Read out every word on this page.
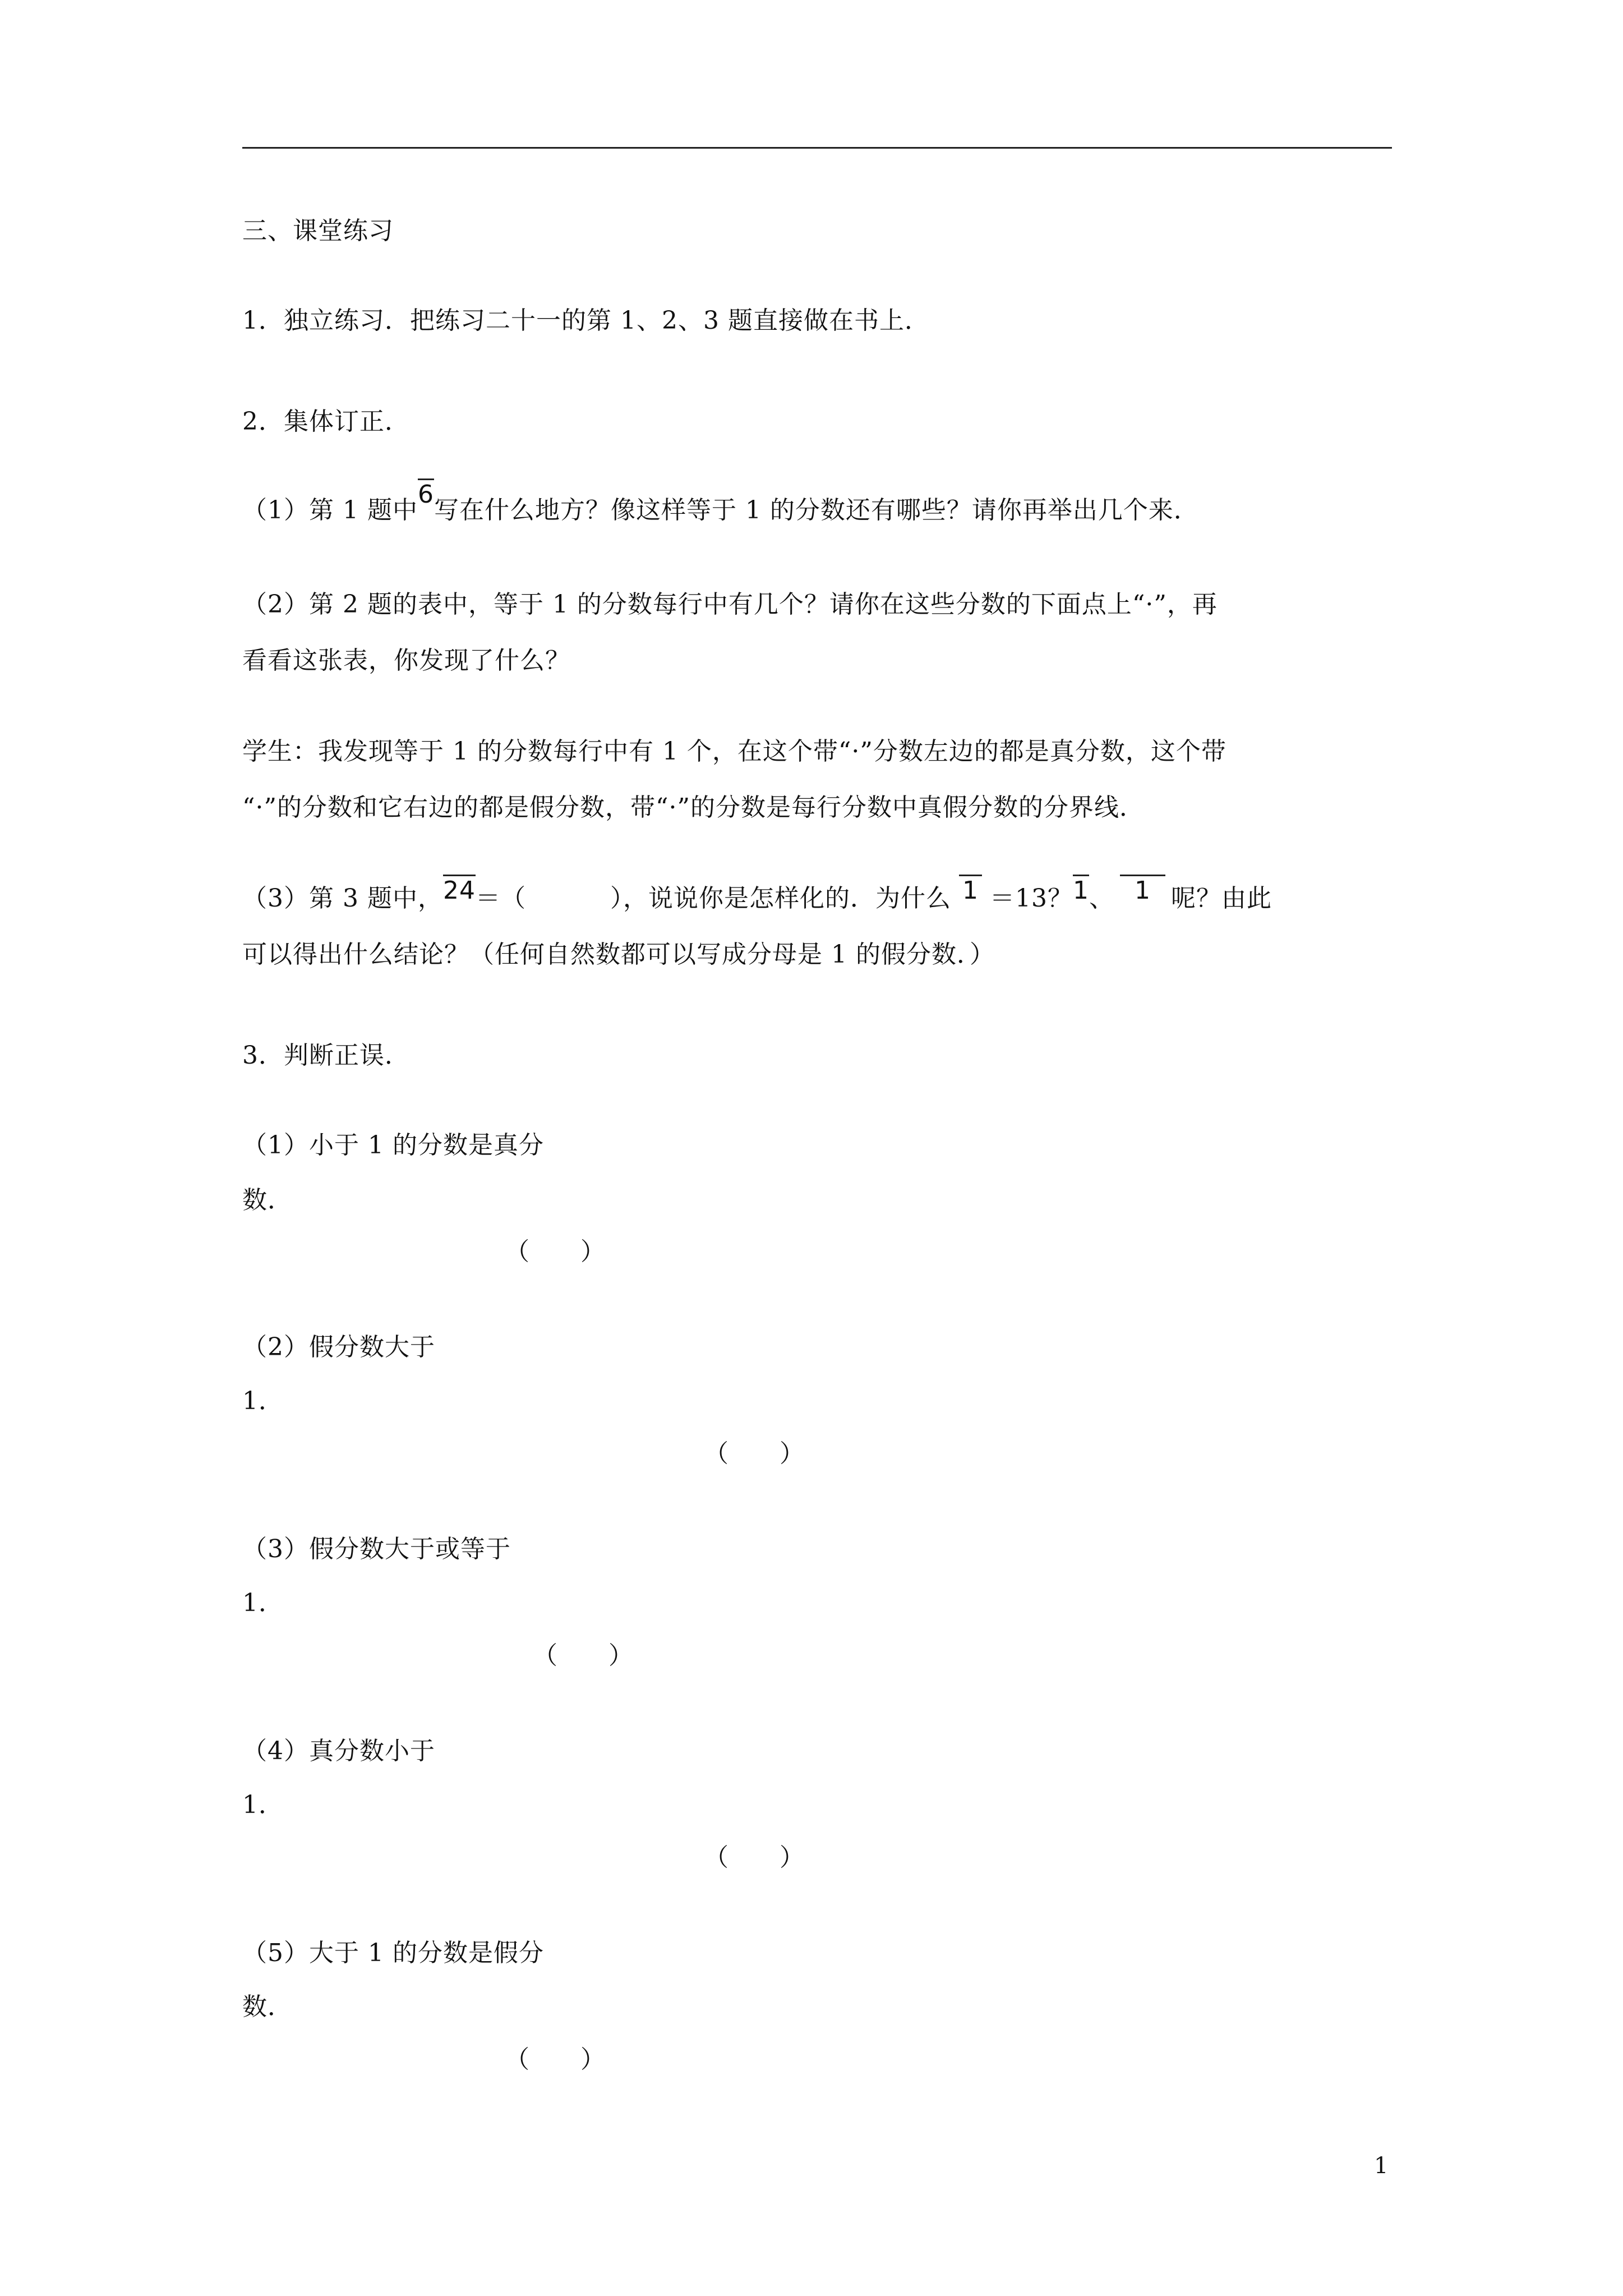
三、课堂练习
1．独立练习．把练习二十一的第 1、2、3 题直接做在书上．
2．集体订正．
（1）第 1 题中6写在什么地方？像这样等于 1 的分数还有哪些？请你再举出几个来．
（2）第 2 题的表中，等于 1 的分数每行中有几个？请你在这些分数的下面点上“·”，再
看看这张表，你发现了什么？
学生：我发现等于 1 的分数每行中有 1 个，在这个带“·”分数左边的都是真分数，这个带
“·”的分数和它右边的都是假分数，带“·”的分数是每行分数中真假分数的分界线．
（3）第 3 题中，24＝（	），说说你是怎样化的．为什么 1 ＝13？1、 1 呢？由此
可以得出什么结论？（任何自然数都可以写成分母是 1 的假分数．）
3．判断正误．
（1）小于 1 的分数是真分
数．
（　　）
（2）假分数大于
1．
（　　）
（3）假分数大于或等于
1．
（　　）
（4）真分数小于
1．
（　　）
（5）大于 1 的分数是假分
数．
（　　）
1
